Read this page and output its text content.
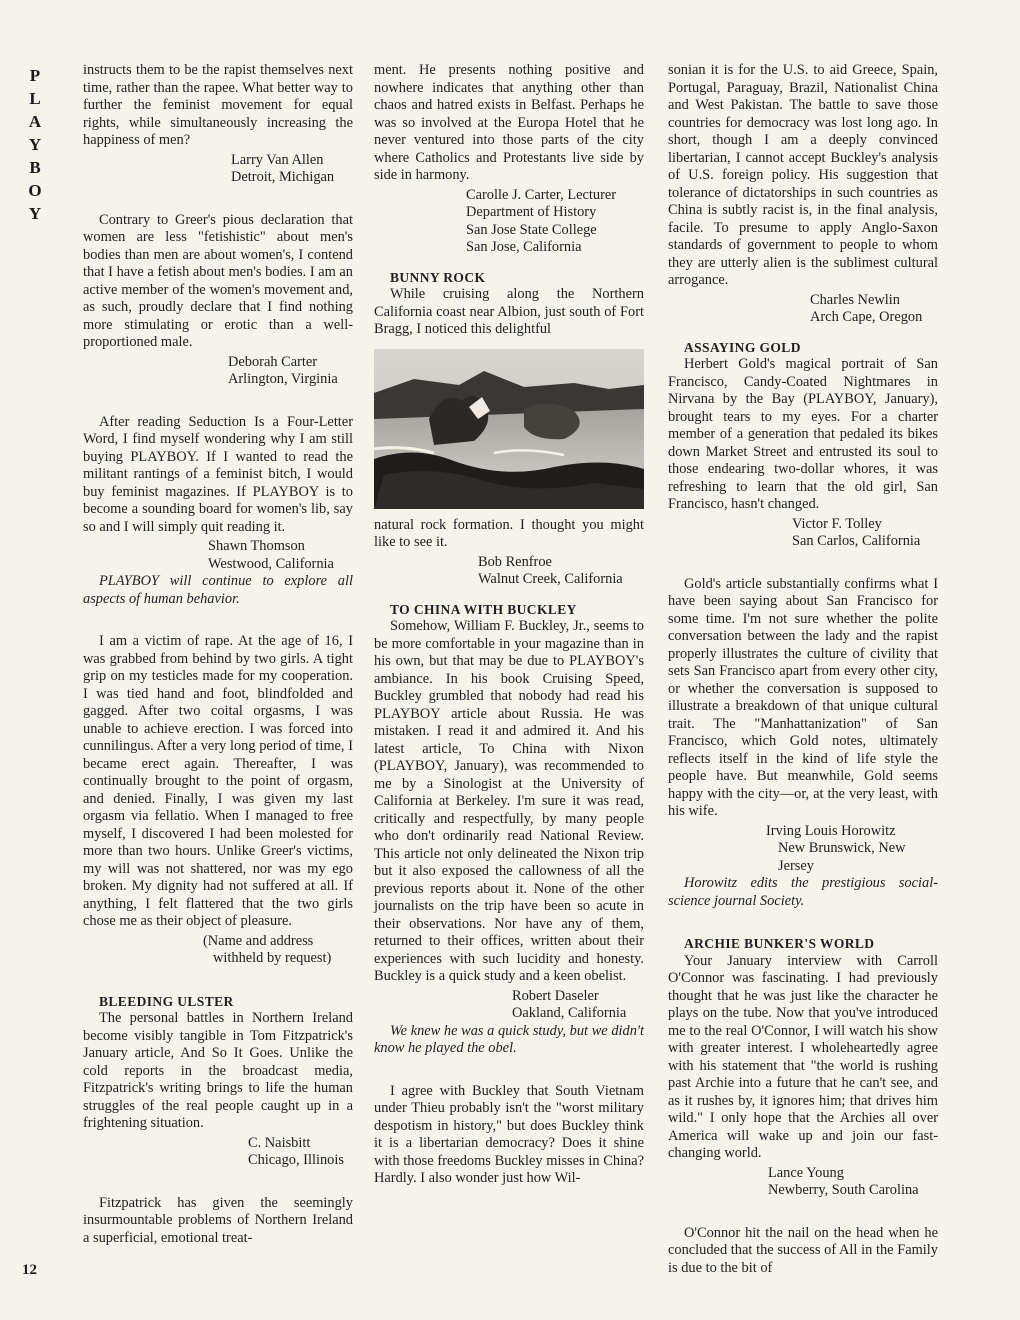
P
L
A
Y
B
O
Y
12

instructs them to be the rapist themselves next time, rather than the rapee. What better way to further the feminist movement for equal rights, while simultaneously increasing the happiness of men?

Larry Van Allen
Detroit, Michigan

Contrary to Greer's pious declaration that women are less "fetishistic" about men's bodies than men are about women's, I contend that I have a fetish about men's bodies. I am an active member of the women's movement and, as such, proudly declare that I find nothing more stimulating or erotic than a well-proportioned male.

Deborah Carter
Arlington, Virginia

After reading Seduction Is a Four-Letter Word, I find myself wondering why I am still buying PLAYBOY. If I wanted to read the militant rantings of a feminist bitch, I would buy feminist magazines. If PLAYBOY is to become a sounding board for women's lib, say so and I will simply quit reading it.

Shawn Thomson
Westwood, California

PLAYBOY will continue to explore all aspects of human behavior.

I am a victim of rape. At the age of 16, I was grabbed from behind by two girls. A tight grip on my testicles made for my cooperation. I was tied hand and foot, blindfolded and gagged. After two coital orgasms, I was unable to achieve erection. I was forced into cunnilingus. After a very long period of time, I became erect again. Thereafter, I was continually brought to the point of orgasm, and denied. Finally, I was given my last orgasm via fellatio. When I managed to free myself, I discovered I had been molested for more than two hours. Unlike Greer's victims, my will was not shattered, nor was my ego broken. My dignity had not suffered at all. If anything, I felt flattered that the two girls chose me as their object of pleasure.

(Name and address
withheld by request)

BLEEDING ULSTER

The personal battles in Northern Ireland become visibly tangible in Tom Fitzpatrick's January article, And So It Goes. Unlike the cold reports in the broadcast media, Fitzpatrick's writing brings to life the human struggles of the real people caught up in a frightening situation.

C. Naisbitt
Chicago, Illinois

Fitzpatrick has given the seemingly insurmountable problems of Northern Ireland a superficial, emotional treat-

ment. He presents nothing positive and nowhere indicates that anything other than chaos and hatred exists in Belfast. Perhaps he was so involved at the Europa Hotel that he never ventured into those parts of the city where Catholics and Protestants live side by side in harmony.

Carolle J. Carter, Lecturer
Department of History
San Jose State College
San Jose, California

BUNNY ROCK

While cruising along the Northern California coast near Albion, just south of Fort Bragg, I noticed this delightful

natural rock formation. I thought you might like to see it.

Bob Renfroe
Walnut Creek, California

TO CHINA WITH BUCKLEY

Somehow, William F. Buckley, Jr., seems to be more comfortable in your magazine than in his own, but that may be due to PLAYBOY's ambiance. In his book Cruising Speed, Buckley grumbled that nobody had read his PLAYBOY article about Russia. He was mistaken. I read it and admired it. And his latest article, To China with Nixon (PLAYBOY, January), was recommended to me by a Sinologist at the University of California at Berkeley. I'm sure it was read, critically and respectfully, by many people who don't ordinarily read National Review. This article not only delineated the Nixon trip but it also exposed the callowness of all the previous reports about it. None of the other journalists on the trip have been so acute in their observations. Nor have any of them, returned to their offices, written about their experiences with such lucidity and honesty. Buckley is a quick study and a keen obelist.

Robert Daseler
Oakland, California

We knew he was a quick study, but we didn't know he played the obel.

I agree with Buckley that South Vietnam under Thieu probably isn't the "worst military despotism in history," but does Buckley think it is a libertarian democracy? Does it shine with those freedoms Buckley misses in China? Hardly. I also wonder just how Wil-

sonian it is for the U.S. to aid Greece, Spain, Portugal, Paraguay, Brazil, Nationalist China and West Pakistan. The battle to save those countries for democracy was lost long ago. In short, though I am a deeply convinced libertarian, I cannot accept Buckley's analysis of U.S. foreign policy. His suggestion that tolerance of dictatorships in such countries as China is subtly racist is, in the final analysis, facile. To presume to apply Anglo-Saxon standards of government to people to whom they are utterly alien is the sublimest cultural arrogance.

Charles Newlin
Arch Cape, Oregon

ASSAYING GOLD

Herbert Gold's magical portrait of San Francisco, Candy-Coated Nightmares in Nirvana by the Bay (PLAYBOY, January), brought tears to my eyes. For a charter member of a generation that pedaled its bikes down Market Street and entrusted its soul to those endearing two-dollar whores, it was refreshing to learn that the old girl, San Francisco, hasn't changed.

Victor F. Tolley
San Carlos, California

Gold's article substantially confirms what I have been saying about San Francisco for some time. I'm not sure whether the polite conversation between the lady and the rapist properly illustrates the culture of civility that sets San Francisco apart from every other city, or whether the conversation is supposed to illustrate a breakdown of that unique cultural trait. The "Manhattanization" of San Francisco, which Gold notes, ultimately reflects itself in the kind of life style the people have. But meanwhile, Gold seems happy with the city—or, at the very least, with his wife.

Irving Louis Horowitz
New Brunswick, New Jersey

Horowitz edits the prestigious social-science journal Society.

ARCHIE BUNKER'S WORLD

Your January interview with Carroll O'Connor was fascinating. I had previously thought that he was just like the character he plays on the tube. Now that you've introduced me to the real O'Connor, I will watch his show with greater interest. I wholeheartedly agree with his statement that "the world is rushing past Archie into a future that he can't see, and as it rushes by, it ignores him; that drives him wild." I only hope that the Archies all over America will wake up and join our fast-changing world.

Lance Young
Newberry, South Carolina

O'Connor hit the nail on the head when he concluded that the success of All in the Family is due to the bit of
